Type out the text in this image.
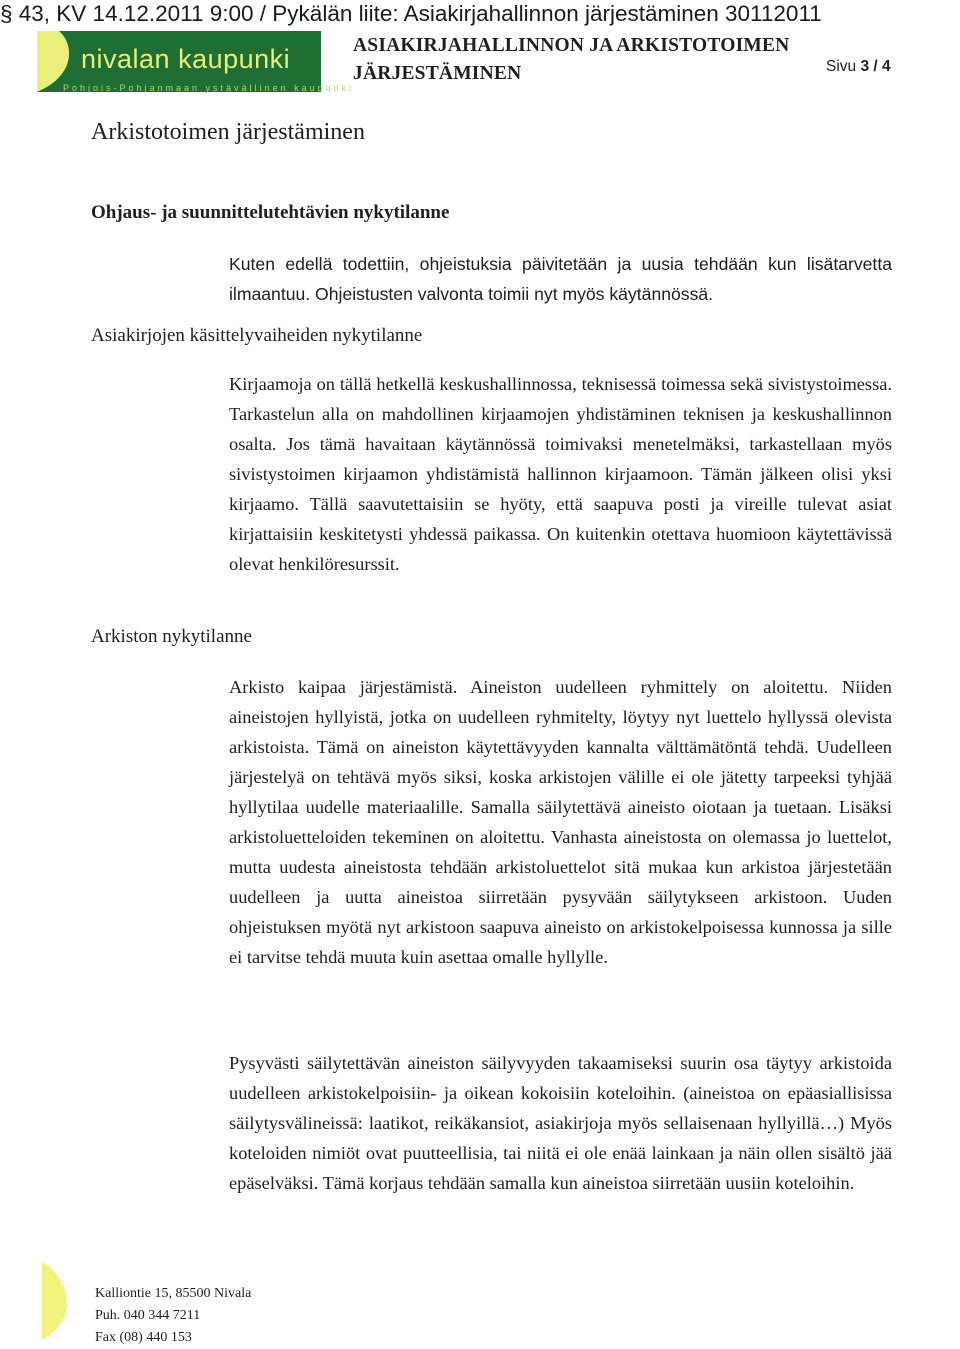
§ 43, KV 14.12.2011 9:00 / Pykälän liite: Asiakirjahallinnon järjestäminen 30112011
nivalan kaupunki
Pohjois-Pohjanmaan ystävällinen kaupunki
ASIAKIRJAHALLINNON JA ARKISTOTOIMEN
JÄRJESTÄMINEN	Sivu 3 / 4
Arkistotoimen järjestäminen
Ohjaus- ja suunnittelutehtävien nykytilanne
Kuten edellä todettiin, ohjeistuksia päivitetään ja uusia tehdään kun lisätarvetta ilmaantuu. Ohjeistusten valvonta toimii nyt myös käytännössä.
Asiakirjojen käsittelyvaiheiden nykytilanne
Kirjaamoja on tällä hetkellä keskushallinnossa, teknisessä toimessa sekä sivistystoimessa. Tarkastelun alla on mahdollinen kirjaamojen yhdistäminen teknisen ja keskushallinnon osalta. Jos tämä havaitaan käytännössä toimivaksi menetelmäksi, tarkastellaan myös sivistystoimen kirjaamon yhdistämistä hallinnon kirjaamoon. Tämän jälkeen olisi yksi kirjaamo. Tällä saavutettaisiin se hyöty, että saapuva posti ja vireille tulevat asiat kirjattaisiin keskitetysti yhdessä paikassa. On kuitenkin otettava huomioon käytettävissä olevat henkilöresurssit.
Arkiston nykytilanne
Arkisto kaipaa järjestämistä. Aineiston uudelleen ryhmittely on aloitettu. Niiden aineistojen hyllyistä, jotka on uudelleen ryhmitelty, löytyy nyt luettelo hyllyssä olevista arkistoista. Tämä on aineiston käytettävyyden kannalta välttämätöntä tehdä. Uudelleen järjestelyä on tehtävä myös siksi, koska arkistojen välille ei ole jätetty tarpeeksi tyhjää hyllytilaa uudelle materiaalille. Samalla säilytettävä aineisto oiotaan ja tuetaan. Lisäksi arkistoluetteloiden tekeminen on aloitettu. Vanhasta aineistosta on olemassa jo luettelot, mutta uudesta aineistosta tehdään arkistoluettelot sitä mukaa kun arkistoa järjestetään uudelleen ja uutta aineistoa siirretään pysyvään säilytykseen arkistoon. Uuden ohjeistuksen myötä nyt arkistoon saapuva aineisto on arkistokelpoisessa kunnossa ja sille ei tarvitse tehdä muuta kuin asettaa omalle hyllylle.
Pysyvästi säilytettävän aineiston säilyvyyden takaamiseksi suurin osa täytyy arkistoida uudelleen arkistokelpoisiin- ja oikean kokoisiin koteloihin. (aineistoa on epäasiallisissa säilytysvälineissä: laatikot, reikäkansiot, asiakirjoja myös sellaisenaan hyllyillä…) Myös koteloiden nimiöt ovat puutteellisia, tai niitä ei ole enää lainkaan ja näin ollen sisältö jää epäselväksi. Tämä korjaus tehdään samalla kun aineistoa siirretään uusiin koteloihin.
Kalliontie 15, 85500 Nivala
Puh. 040 344 7211
Fax (08) 440 153
